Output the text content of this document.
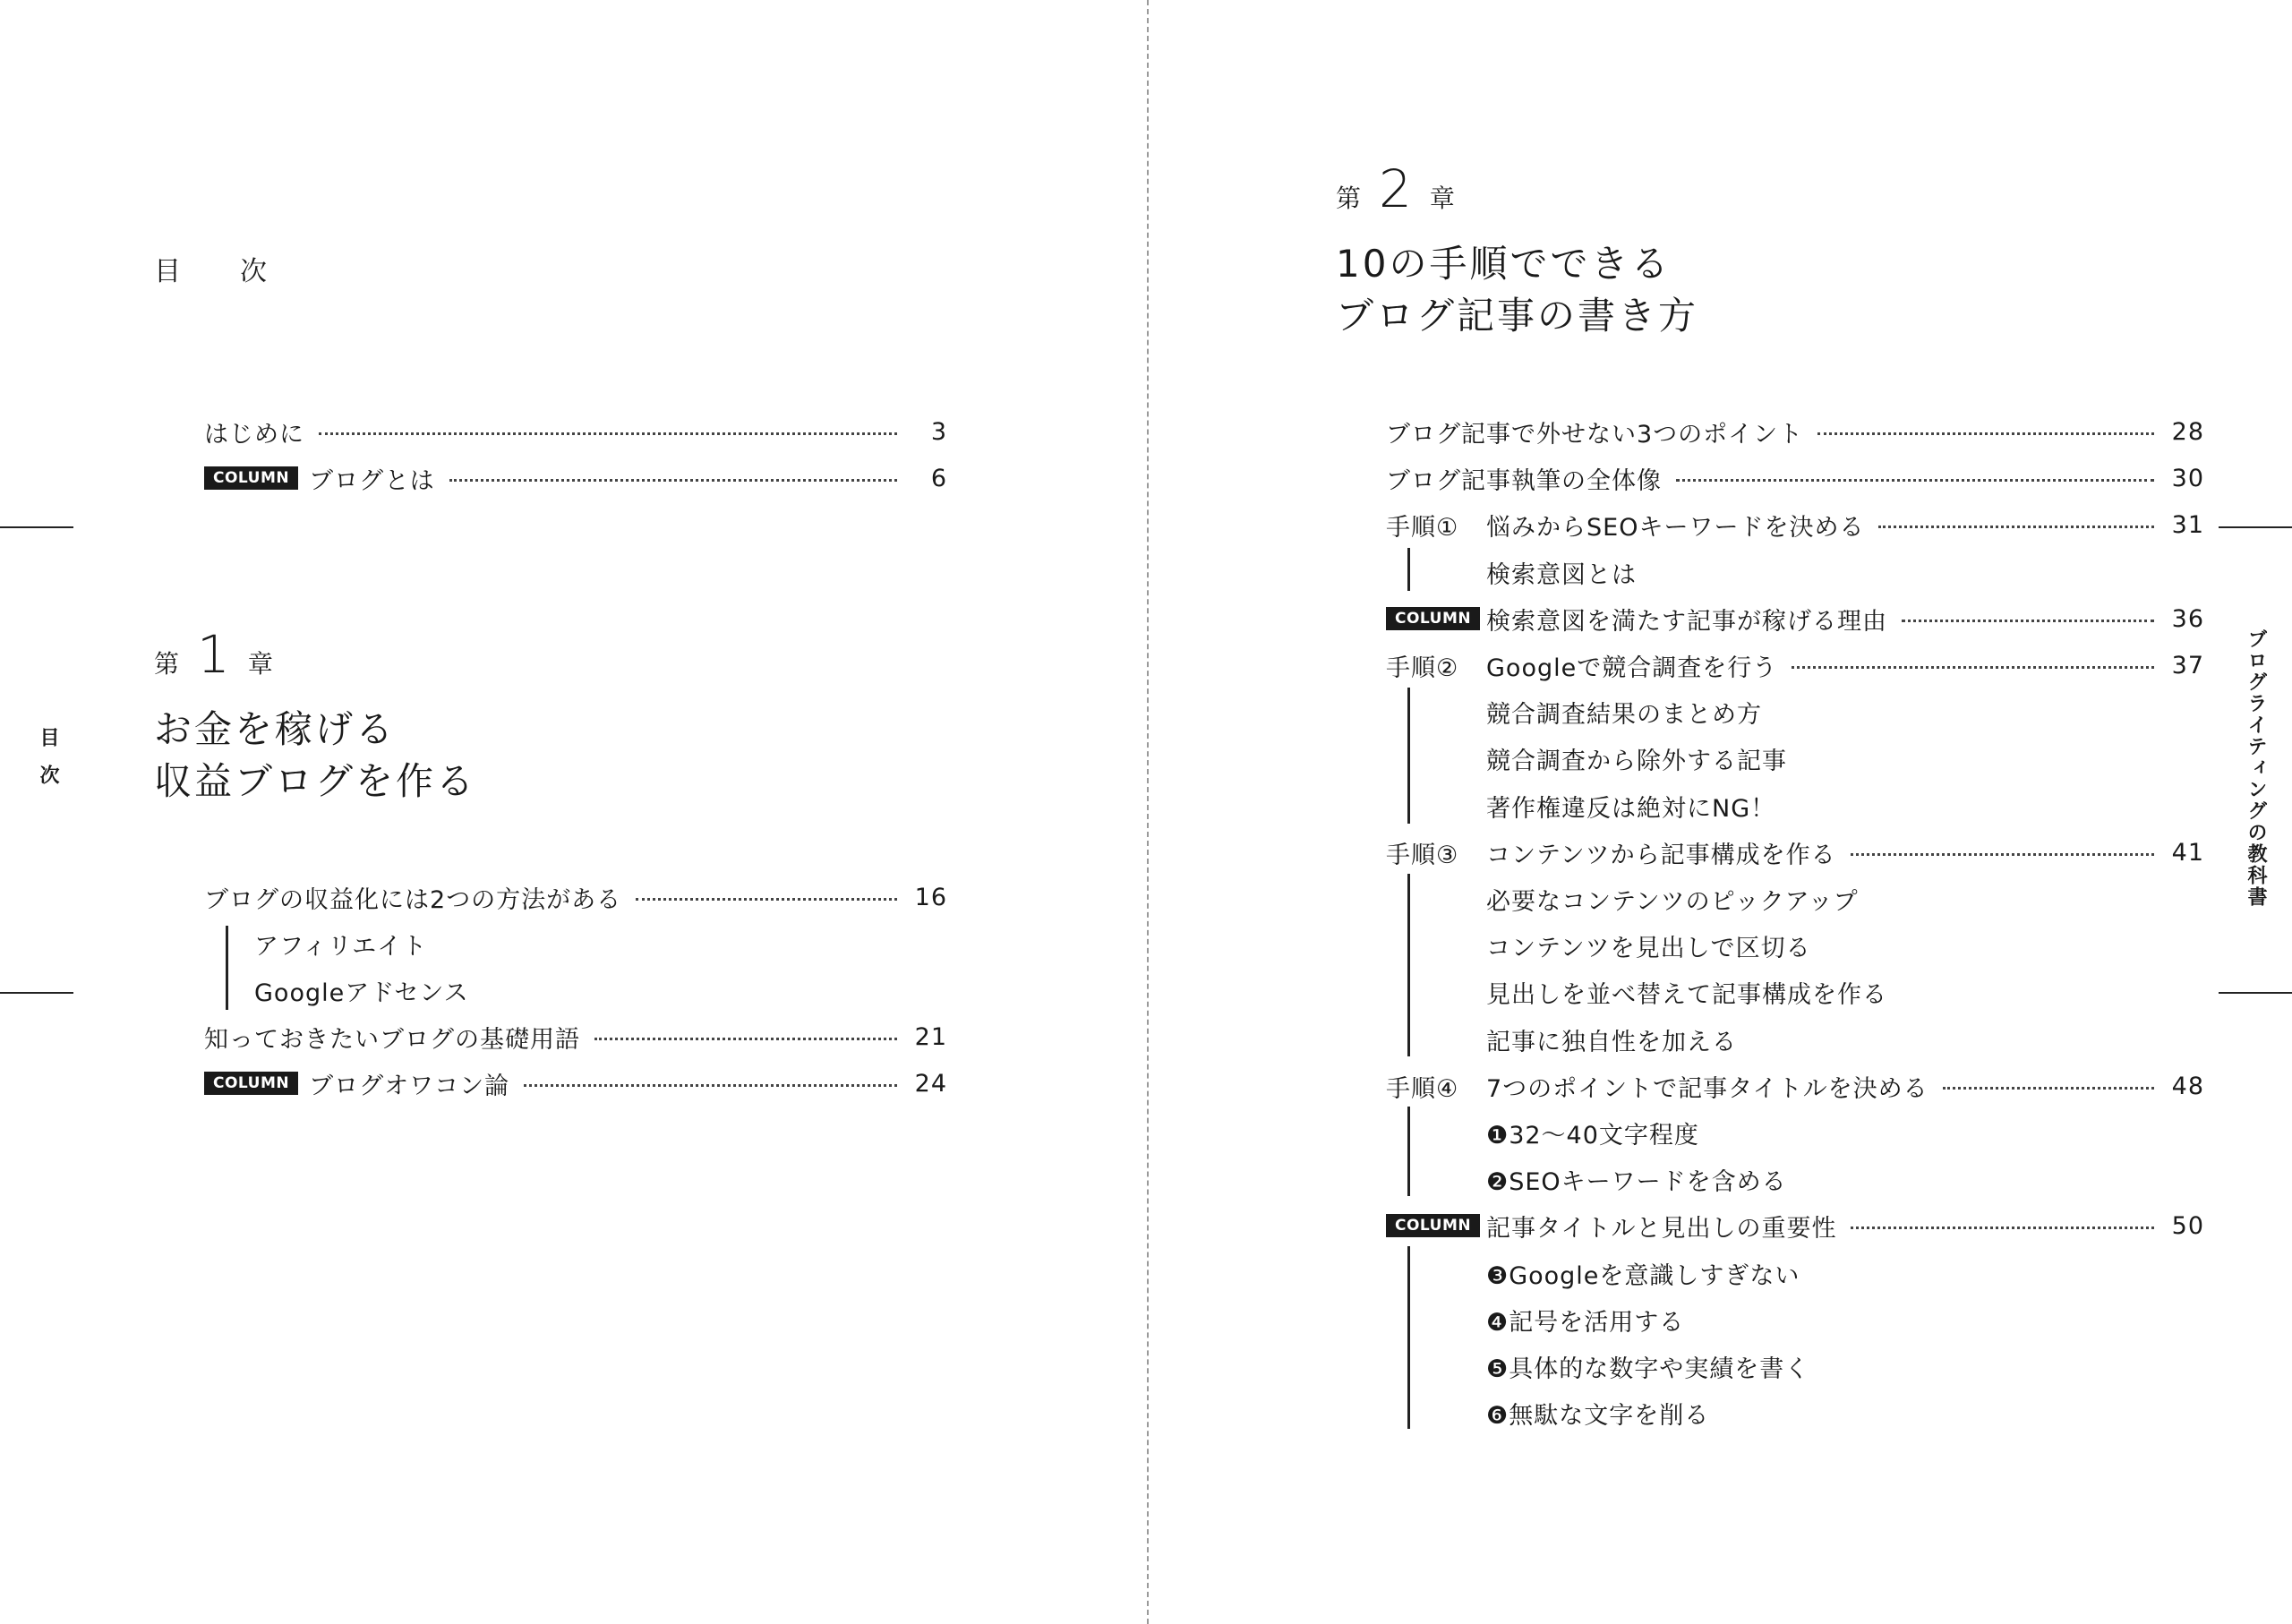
目　次
目次
はじめに	3
COLUMN ブログとは	6
第 1 章
お金を稼げる
収益ブログを作る
ブログの収益化には2つの方法がある	16
アフィリエイト
Googleアドセンス
知っておきたいブログの基礎用語	21
COLUMN ブログオワコン論	24
ブログライティングの教科書
第 2 章
10の手順でできる
ブログ記事の書き方
ブログ記事で外せない3つのポイント	28
ブログ記事執筆の全体像	30
手順①	悩みからSEOキーワードを決める	31
検索意図とは
COLUMN 検索意図を満たす記事が稼げる理由	36
手順②	Googleで競合調査を行う	37
競合調査結果のまとめ方
競合調査から除外する記事
著作権違反は絶対にNG！
手順③	コンテンツから記事構成を作る	41
必要なコンテンツのピックアップ
コンテンツを見出しで区切る
見出しを並べ替えて記事構成を作る
記事に独自性を加える
手順④	7つのポイントで記事タイトルを決める	48
❶32〜40文字程度
❷SEOキーワードを含める
COLUMN 記事タイトルと見出しの重要性	50
❸Googleを意識しすぎない
❹記号を活用する
❺具体的な数字や実績を書く
❻無駄な文字を削る
